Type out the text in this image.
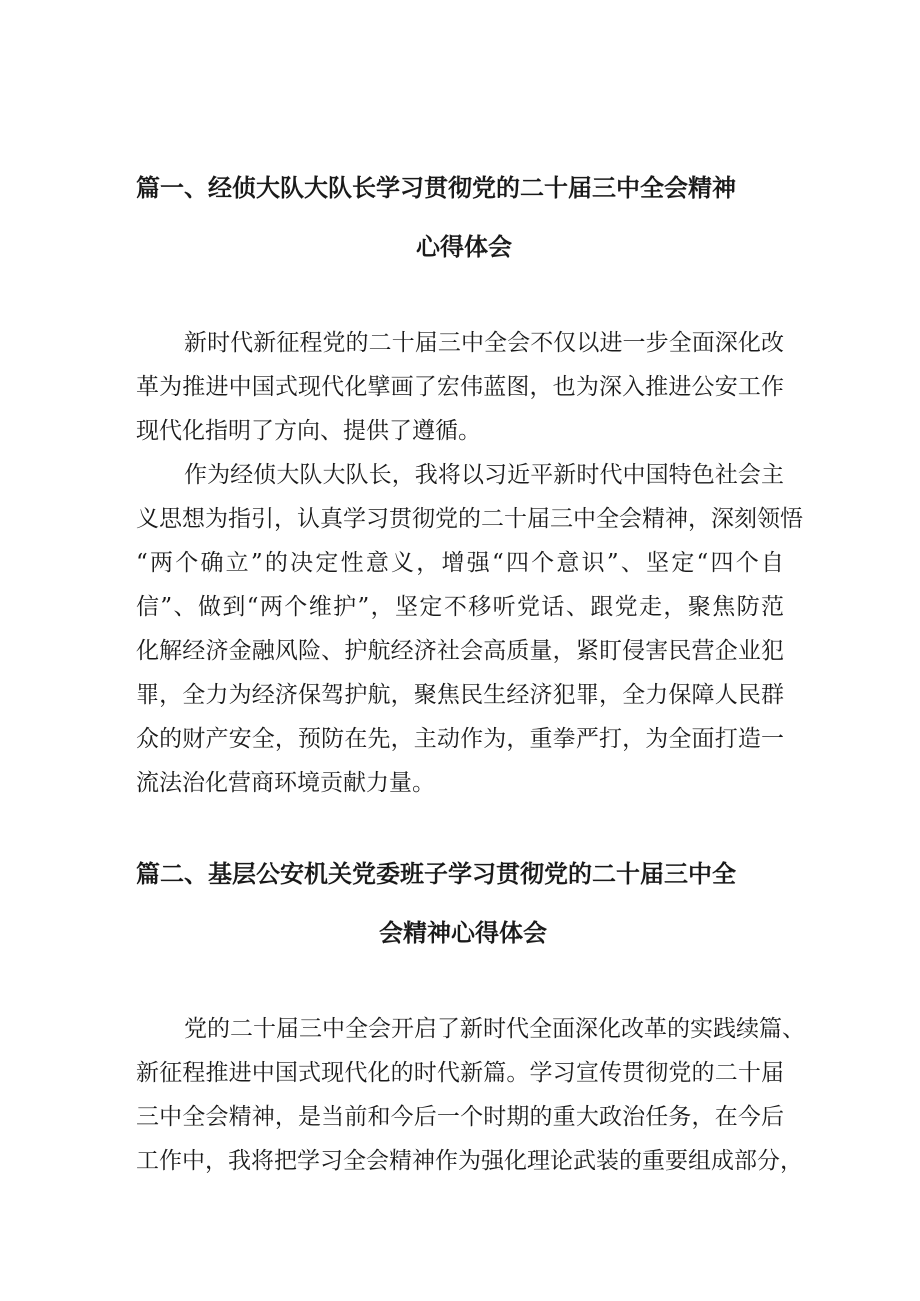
篇一、经侦大队大队长学习贯彻党的二十届三中全会精神
心得体会
新时代新征程党的二十届三中全会不仅以进一步全面深化改
革为推进中国式现代化擘画了宏伟蓝图，也为深入推进公安工作
现代化指明了方向、提供了遵循。
作为经侦大队大队长，我将以习近平新时代中国特色社会主
义思想为指引，认真学习贯彻党的二十届三中全会精神，深刻领悟
“两个确立”的决定性意义，增强“四个意识”、坚定“四个自
信”、做到“两个维护”，坚定不移听党话、跟党走，聚焦防范
化解经济金融风险、护航经济社会高质量，紧盯侵害民营企业犯
罪，全力为经济保驾护航，聚焦民生经济犯罪，全力保障人民群
众的财产安全，预防在先，主动作为，重拳严打，为全面打造一
流法治化营商环境贡献力量。
篇二、基层公安机关党委班子学习贯彻党的二十届三中全
会精神心得体会
党的二十届三中全会开启了新时代全面深化改革的实践续篇、
新征程推进中国式现代化的时代新篇。学习宣传贯彻党的二十届
三中全会精神，是当前和今后一个时期的重大政治任务，在今后
工作中，我将把学习全会精神作为强化理论武装的重要组成部分，
